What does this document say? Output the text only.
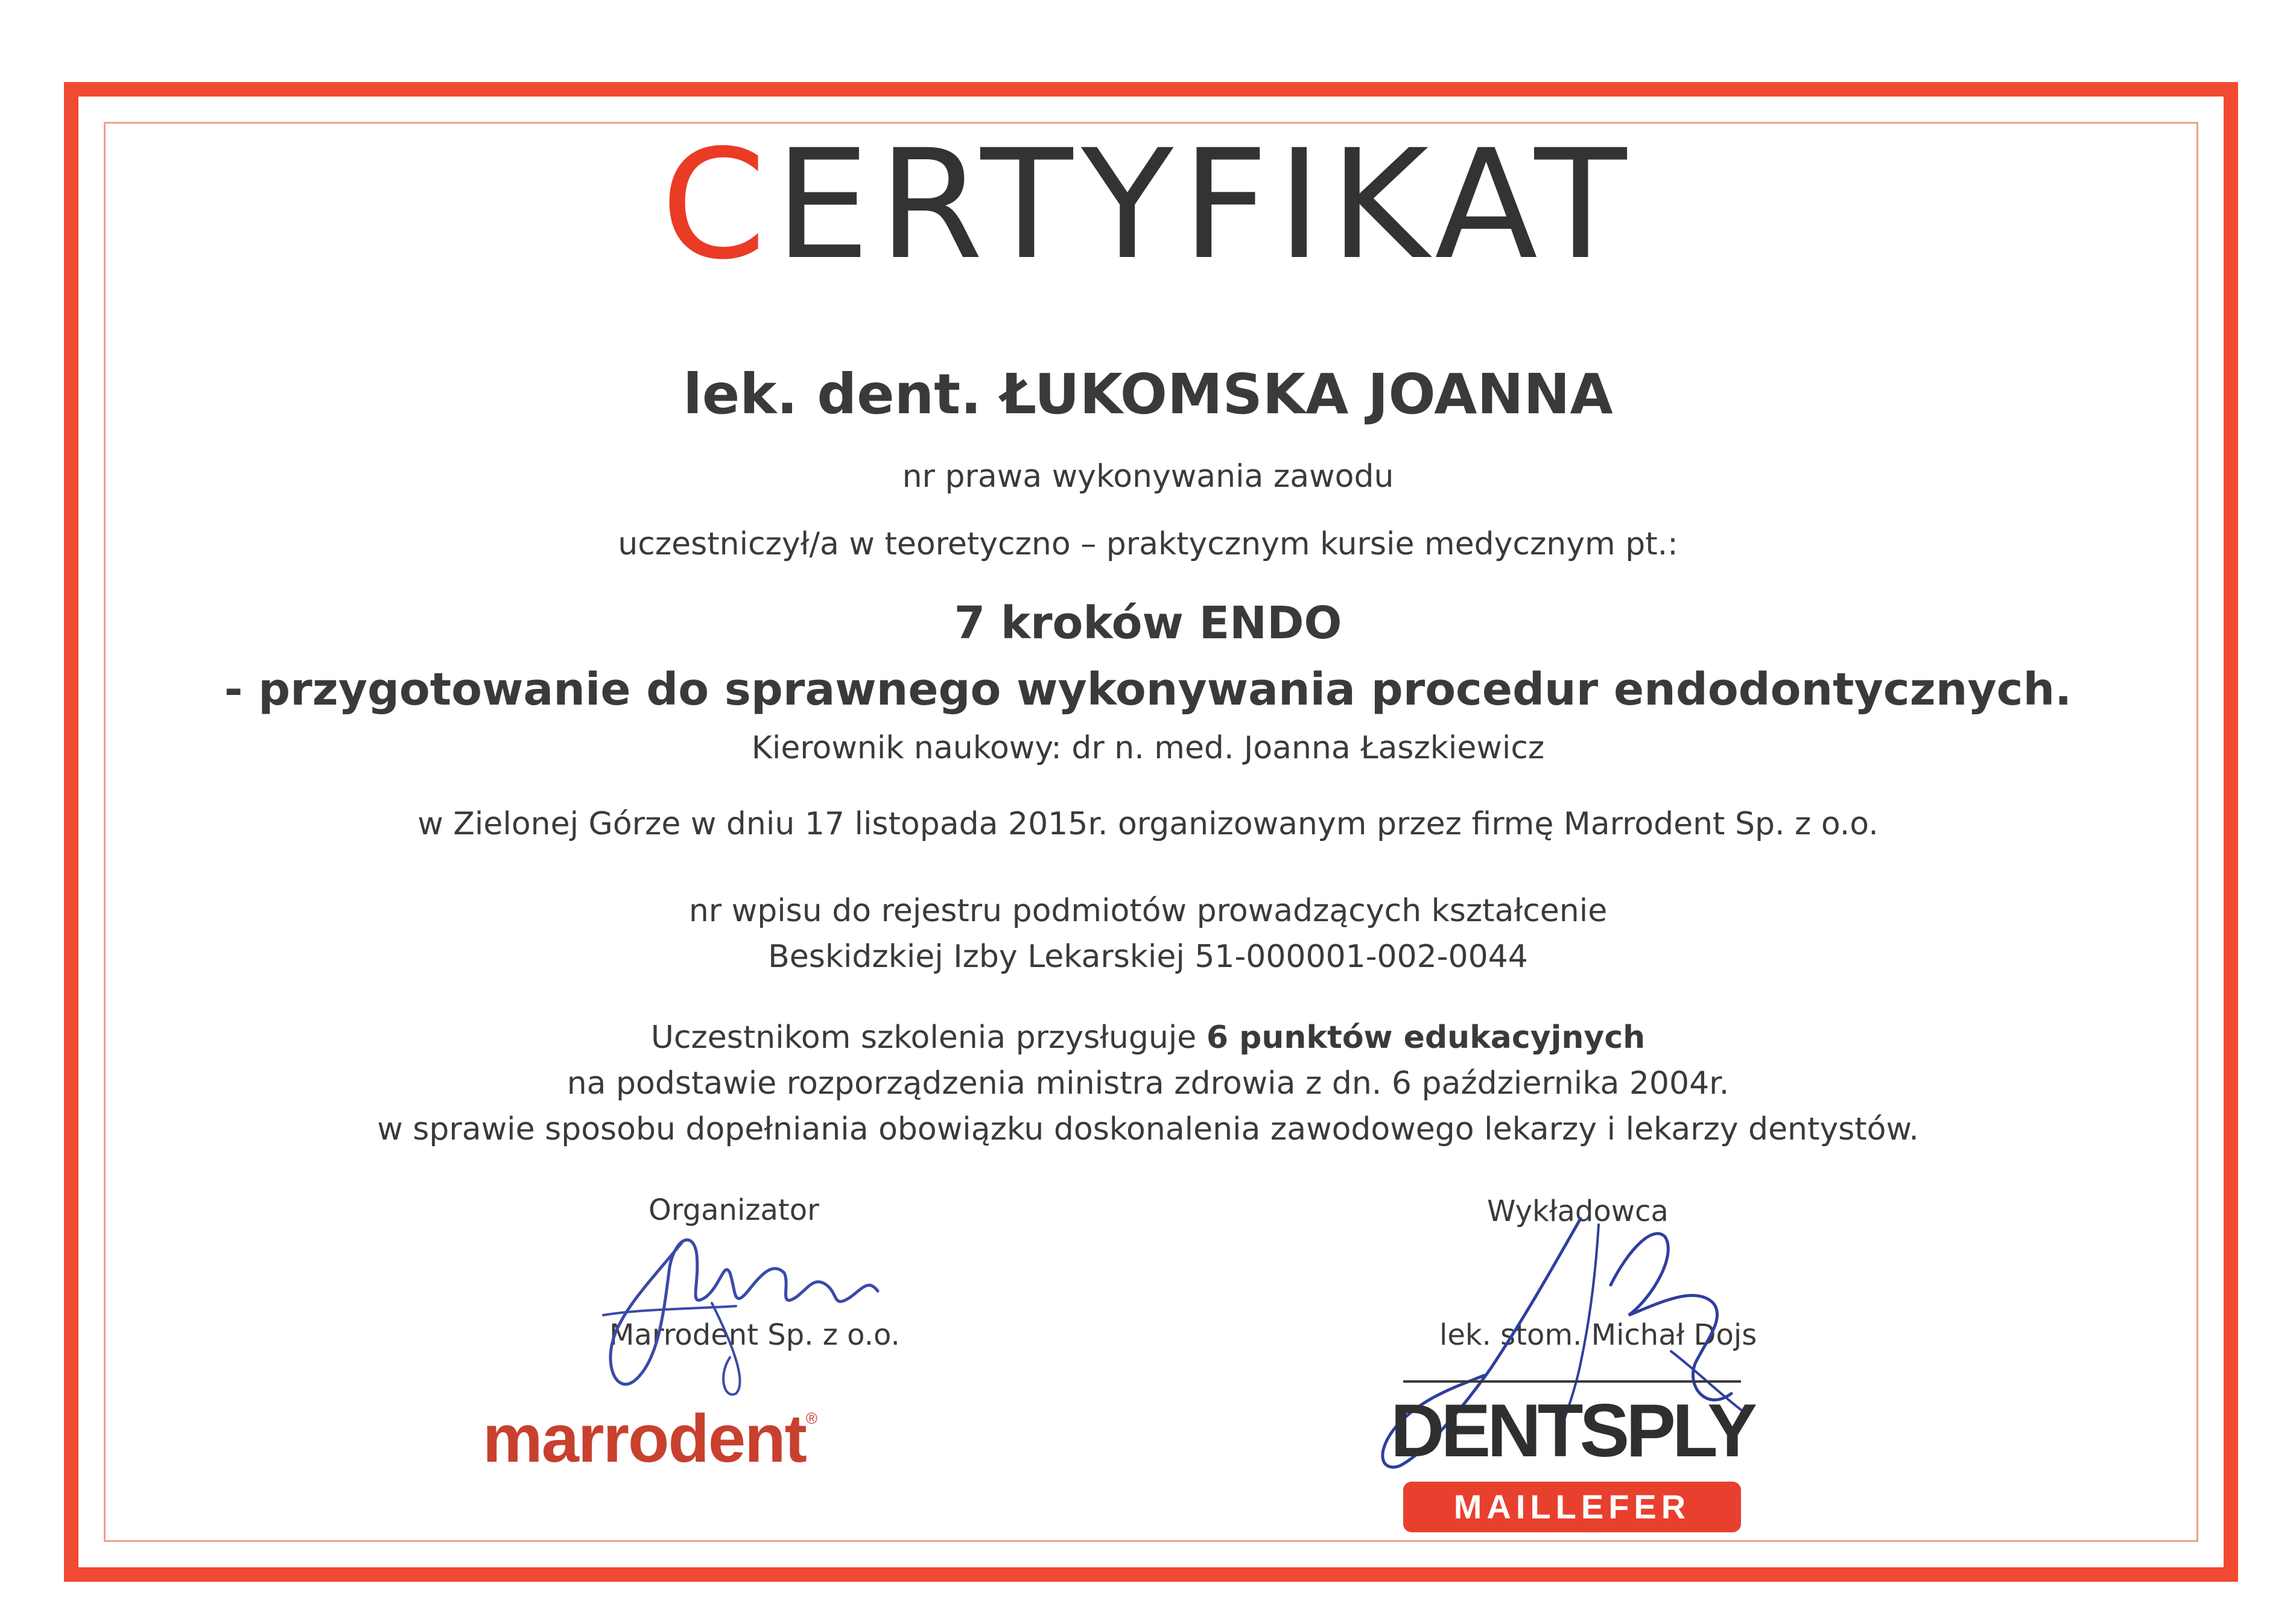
CERTYFIKAT
lek. dent. ŁUKOMSKA JOANNA
nr prawa wykonywania zawodu
uczestniczył/a w teoretyczno – praktycznym kursie medycznym pt.:
7 kroków ENDO
- przygotowanie do sprawnego wykonywania procedur endodontycznych.
Kierownik naukowy: dr n. med. Joanna Łaszkiewicz
w Zielonej Górze w dniu 17 listopada 2015r. organizowanym przez firmę Marrodent Sp. z o.o.
nr wpisu do rejestru podmiotów prowadzących kształcenie
Beskidzkiej Izby Lekarskiej 51-000001-002-0044
Uczestnikom szkolenia przysługuje 6 punktów edukacyjnych
na podstawie rozporządzenia ministra zdrowia z dn. 6 października 2004r.
w sprawie sposobu dopełniania obowiązku doskonalenia zawodowego lekarzy i lekarzy dentystów.
Organizator
Marrodent Sp. z o.o.
Wykładowca
lek. stom. Michał Dojs
marrodent®	DENTSPLY
MAILLEFER
